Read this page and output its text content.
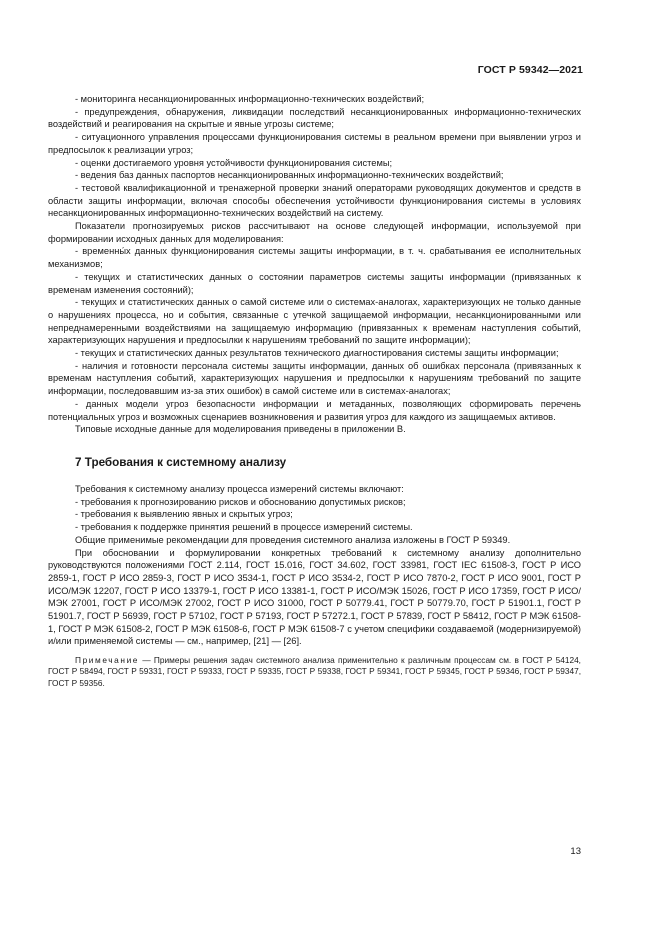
ГОСТ Р 59342—2021

- мониторинга несанкционированных информационно-технических воздействий;

- предупреждения, обнаружения, ликвидации последствий несанкционированных информационно-технических воздействий и реагирования на скрытые и явные угрозы системе;

- ситуационного управления процессами функционирования системы в реальном времени при выявлении угроз и предпосылок к реализации угроз;

- оценки достигаемого уровня устойчивости функционирования системы;

- ведения баз данных паспортов несанкционированных информационно-технических воздействий;

- тестовой квалификационной и тренажерной проверки знаний операторами руководящих документов и средств в области защиты информации, включая способы обеспечения устойчивости функционирования системы в условиях несанкционированных информационно-технических воздействий на систему.

Показатели прогнозируемых рисков рассчитывают на основе следующей информации, используемой при формировании исходных данных для моделирования:

- временны́х данных функционирования системы защиты информации, в т. ч. срабатывания ее исполнительных механизмов;

- текущих и статистических данных о состоянии параметров системы защиты информации (привязанных к временам изменения состояний);

- текущих и статистических данных о самой системе или о системах-аналогах, характеризующих не только данные о нарушениях процесса, но и события, связанные с утечкой защищаемой информации, несанкционированными или непреднамеренными воздействиями на защищаемую информацию (привязанных к временам наступления событий, характеризующих нарушения и предпосылки к нарушениям требований по защите информации);

- текущих и статистических данных результатов технического диагностирования системы защиты информации;

- наличия и готовности персонала системы защиты информации, данных об ошибках персонала (привязанных к временам наступления событий, характеризующих нарушения и предпосылки к нарушениям требований по защите информации, последовавшим из-за этих ошибок) в самой системе или в системах-аналогах;

- данных модели угроз безопасности информации и метаданных, позволяющих сформировать перечень потенциальных угроз и возможных сценариев возникновения и развития угроз для каждого из защищаемых активов.

Типовые исходные данные для моделирования приведены в приложении В.

7 Требования к системному анализу

Требования к системному анализу процесса измерений системы включают:

- требования к прогнозированию рисков и обоснованию допустимых рисков;

- требования к выявлению явных и скрытых угроз;

- требования к поддержке принятия решений в процессе измерений системы.

Общие применимые рекомендации для проведения системного анализа изложены в ГОСТ Р 59349.

При обосновании и формулировании конкретных требований к системному анализу дополнительно руководствуются положениями ГОСТ 2.114, ГОСТ 15.016, ГОСТ 34.602, ГОСТ 33981, ГОСТ IEC 61508-3, ГОСТ Р ИСО 2859-1, ГОСТ Р ИСО 2859-3, ГОСТ Р ИСО 3534-1, ГОСТ Р ИСО 3534-2, ГОСТ Р ИСО 7870-2, ГОСТ Р ИСО 9001, ГОСТ Р ИСО/МЭК 12207, ГОСТ Р ИСО 13379-1, ГОСТ Р ИСО 13381-1, ГОСТ Р ИСО/МЭК 15026, ГОСТ Р ИСО 17359, ГОСТ Р ИСО/МЭК 27001, ГОСТ Р ИСО/МЭК 27002, ГОСТ Р ИСО 31000, ГОСТ Р 50779.41, ГОСТ Р 50779.70, ГОСТ Р 51901.1, ГОСТ Р 51901.7, ГОСТ Р 56939, ГОСТ Р 57102, ГОСТ Р 57193, ГОСТ Р 57272.1, ГОСТ Р 57839, ГОСТ Р 58412, ГОСТ Р МЭК 61508-1, ГОСТ Р МЭК 61508-2, ГОСТ Р МЭК 61508-6, ГОСТ Р МЭК 61508-7 с учетом специфики создаваемой (модернизируемой) и/или применяемой системы — см., например, [21] — [26].

Примечание — Примеры решения задач системного анализа применительно к различным процессам см. в ГОСТ Р 54124, ГОСТ Р 58494, ГОСТ Р 59331, ГОСТ Р 59333, ГОСТ Р 59335, ГОСТ Р 59338, ГОСТ Р 59341, ГОСТ Р 59345, ГОСТ Р 59346, ГОСТ Р 59347, ГОСТ Р 59356.

13
